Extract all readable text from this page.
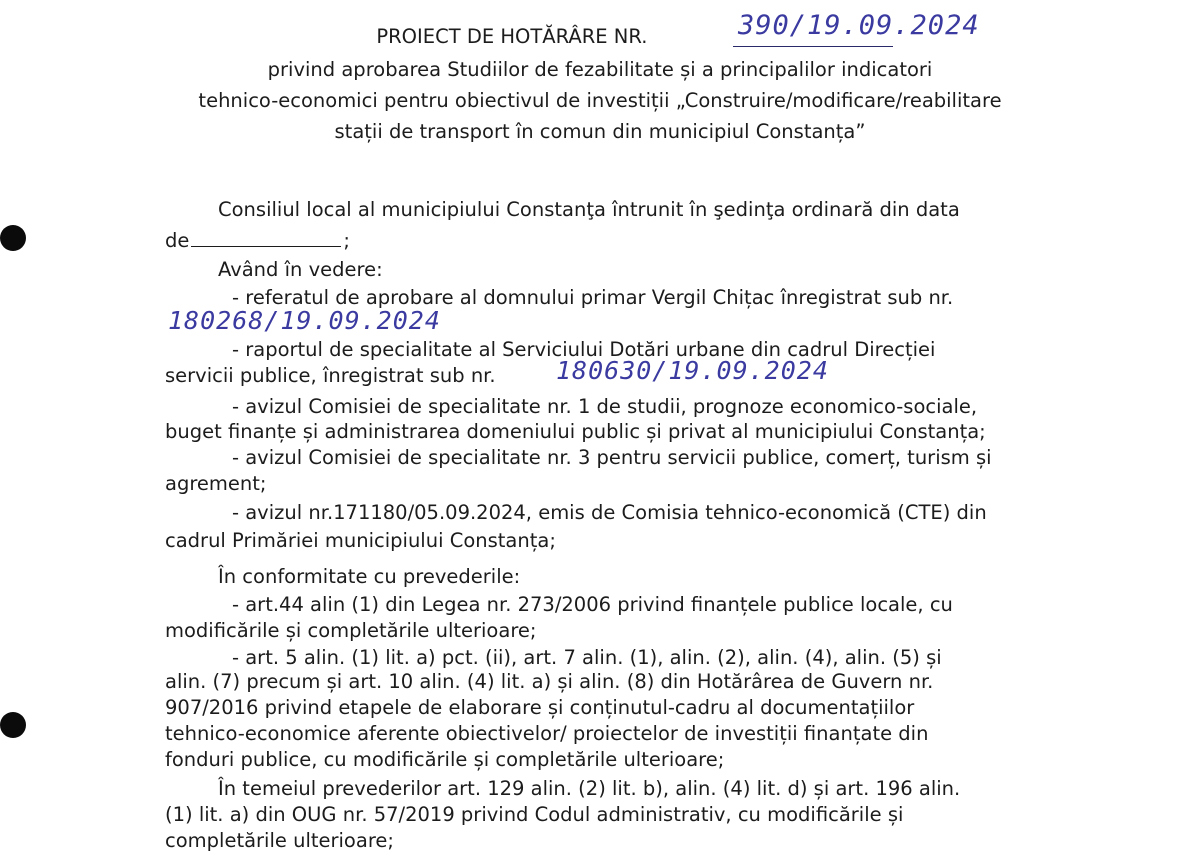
PROIECT DE HOTĂRÂRE NR.	390/19.09.2024
privind aprobarea Studiilor de fezabilitate și a principalilor indicatori
tehnico-economici pentru obiectivul de investiții „Construire/modificare/reabilitare
stații de transport în comun din municipiul Constanța”
Consiliul local al municipiului Constanţa întrunit în şedinţa ordinară din data
de	;
Având în vedere:
- referatul de aprobare al domnului primar Vergil Chițac înregistrat sub nr.
180268/19.09.2024
- raportul de specialitate al Serviciului Dotări urbane din cadrul Direcției
servicii publice, înregistrat sub nr. 180630/19.09.2024
- avizul Comisiei de specialitate nr. 1 de studii, prognoze economico-sociale,
buget finanțe și administrarea domeniului public și privat al municipiului Constanța;
- avizul Comisiei de specialitate nr. 3 pentru servicii publice, comerț, turism și
agrement;
- avizul nr.171180/05.09.2024, emis de Comisia tehnico-economică (CTE) din
cadrul Primăriei municipiului Constanța;
În conformitate cu prevederile:
- art.44 alin (1) din Legea nr. 273/2006 privind finanțele publice locale, cu
modificările și completările ulterioare;
- art. 5 alin. (1) lit. a) pct. (ii), art. 7 alin. (1), alin. (2), alin. (4), alin. (5) și
alin. (7) precum și art. 10 alin. (4) lit. a) și alin. (8) din Hotărârea de Guvern nr.
907/2016 privind etapele de elaborare și conținutul-cadru al documentațiilor
tehnico-economice aferente obiectivelor/ proiectelor de investiții finanțate din
fonduri publice, cu modificările și completările ulterioare;
În temeiul prevederilor art. 129 alin. (2) lit. b), alin. (4) lit. d) și art. 196 alin.
(1) lit. a) din OUG nr. 57/2019 privind Codul administrativ, cu modificările și
completările ulterioare;
